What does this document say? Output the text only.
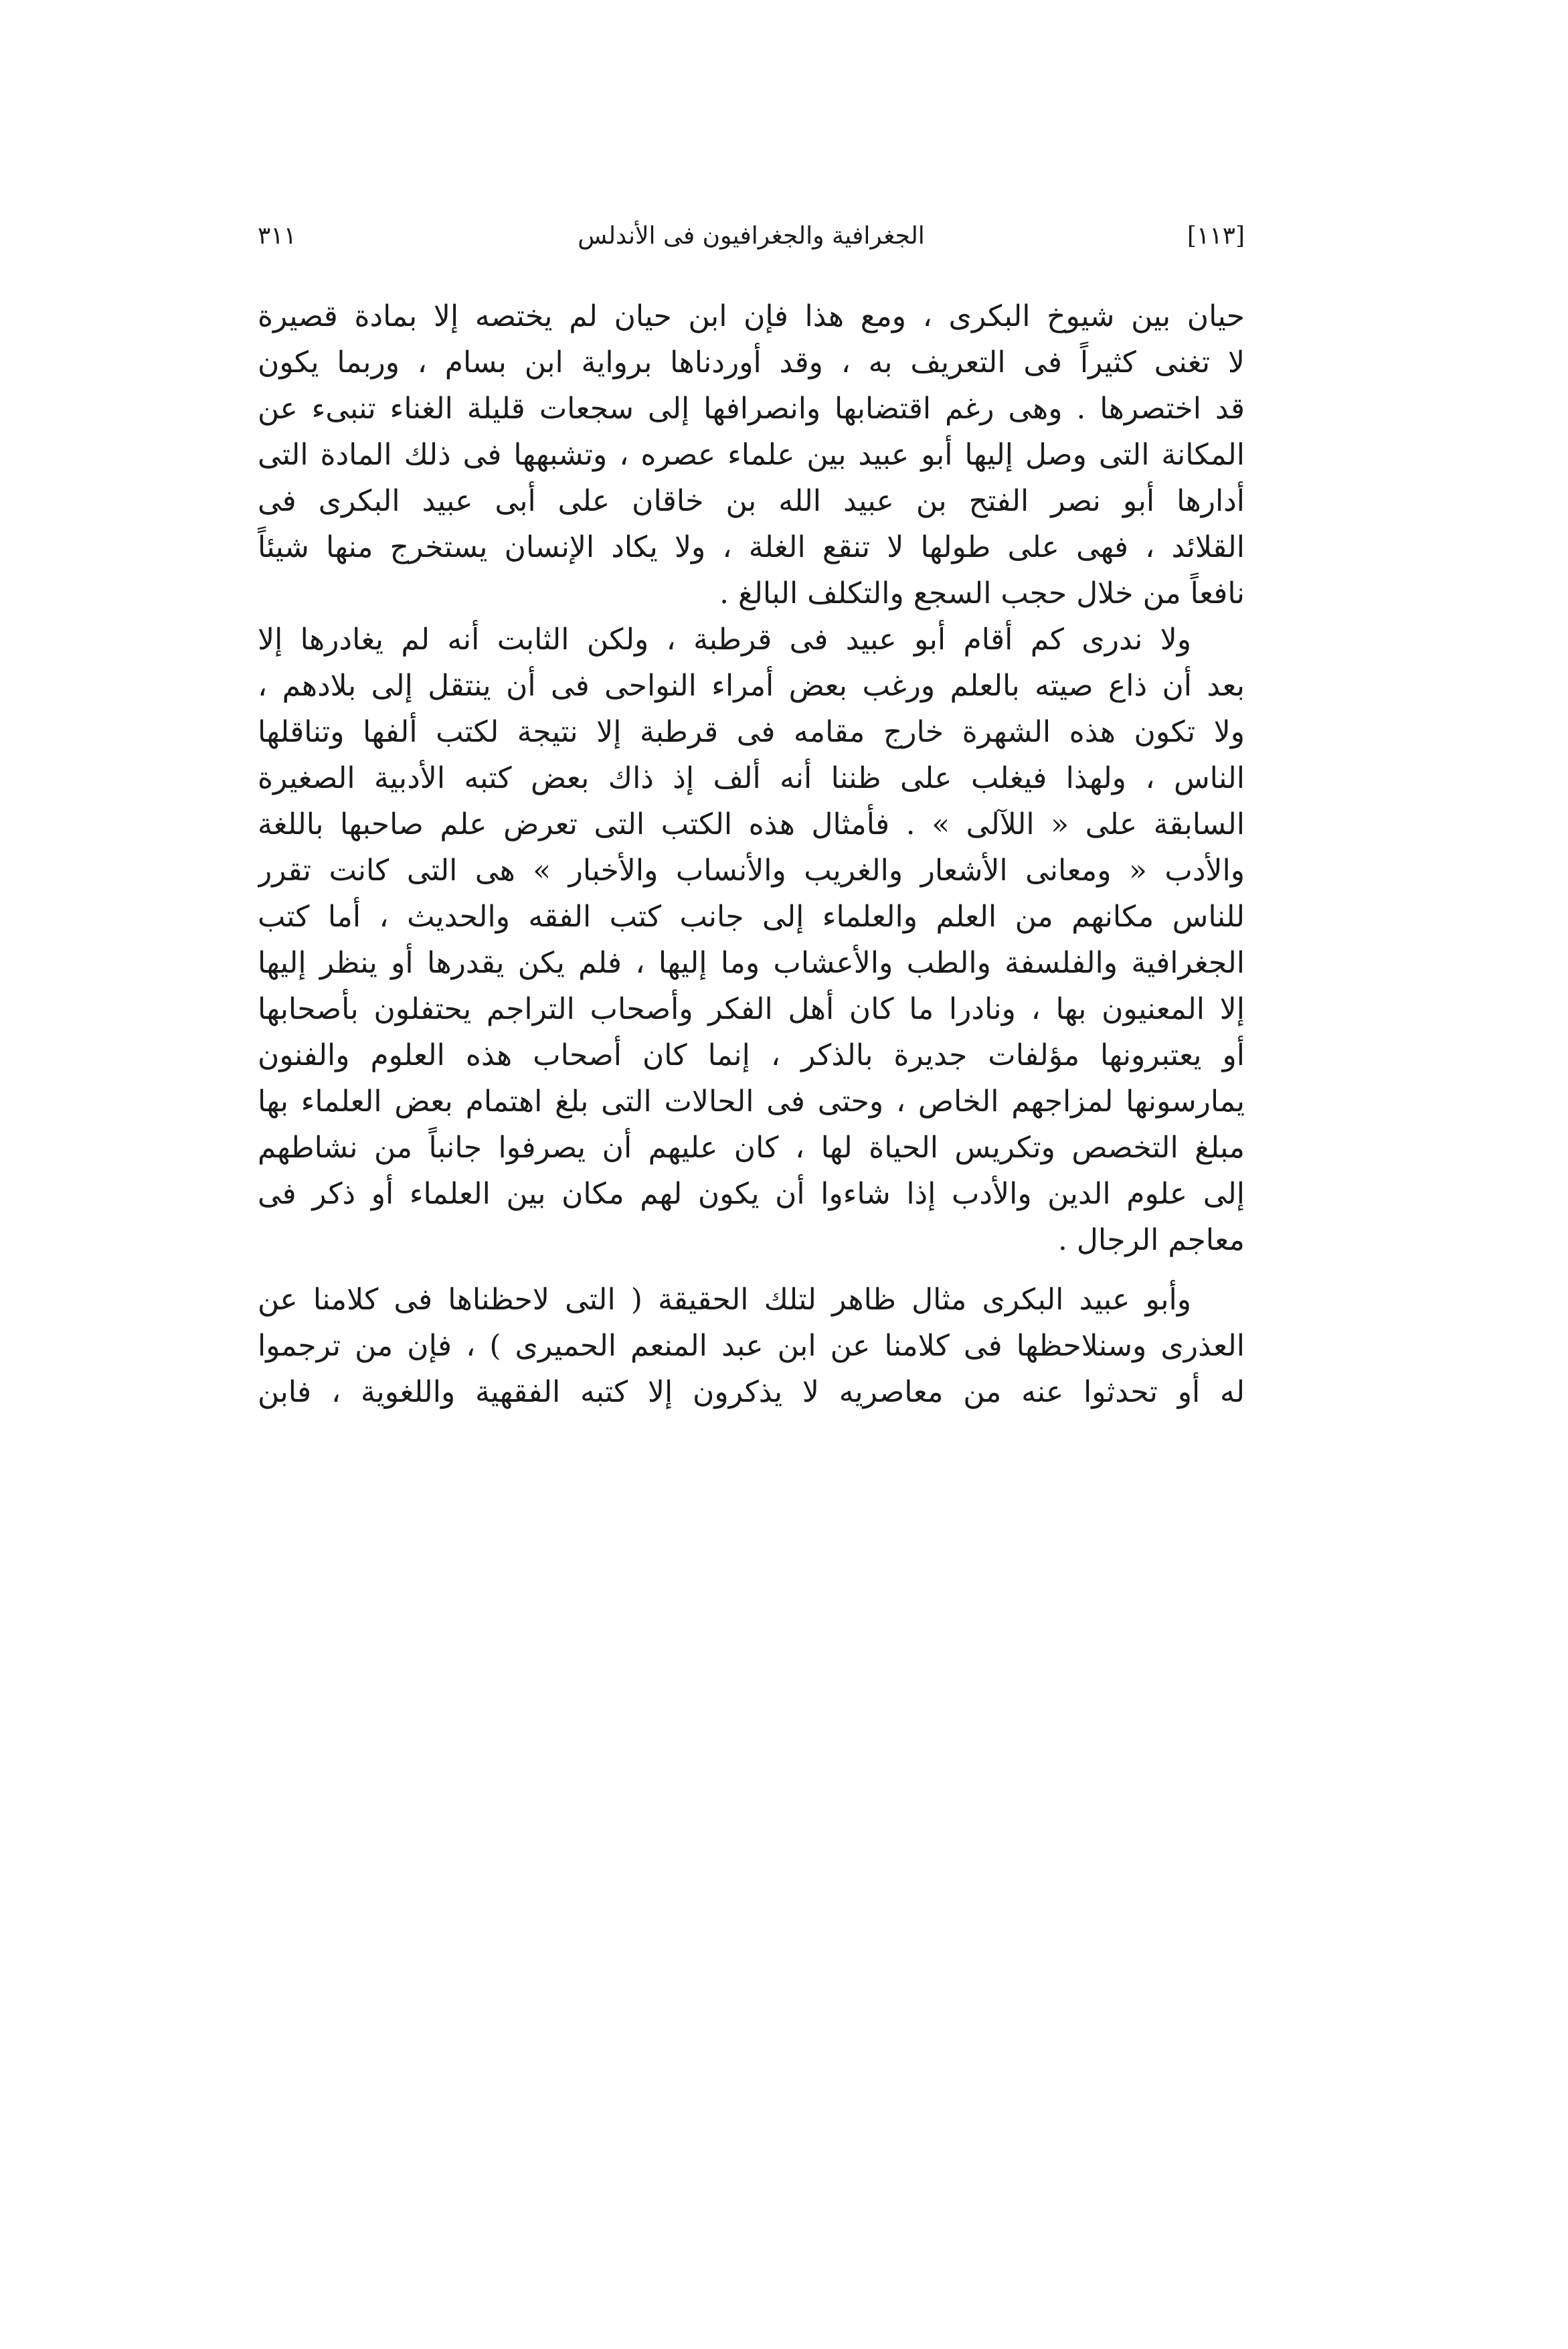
[١١٣]
الجغرافية والجغرافيون فى الأندلس
٣١١
حيان بين شيوخ البكرى ، ومع هذا فإن ابن حيان لم يختصه إلا بمادة قصيرة
لا تغنى كثيراً فى التعريف به ، وقد أوردناها برواية ابن بسام ، وربما يكون
قد اختصرها . وهى رغم اقتضابها وانصرافها إلى سجعات قليلة الغناء تنبىء عن
المكانة التى وصل إليها أبو عبيد بين علماء عصره ، وتشبهها فى ذلك المادة التى
أدارها أبو نصر الفتح بن عبيد الله بن خاقان على أبى عبيد البكرى فى
القلائد ، فهى على طولها لا تنقع الغلة ، ولا يكاد الإنسان يستخرج منها شيئاً
نافعاً من خلال حجب السجع والتكلف البالغ .
ولا ندرى كم أقام أبو عبيد فى قرطبة ، ولكن الثابت أنه لم يغادرها إلا
بعد أن ذاع صيته بالعلم ورغب بعض أمراء النواحى فى أن ينتقل إلى بلادهم ،
ولا تكون هذه الشهرة خارج مقامه فى قرطبة إلا نتيجة لكتب ألفها وتناقلها
الناس ، ولهذا فيغلب على ظننا أنه ألف إذ ذاك بعض كتبه الأدبية الصغيرة
السابقة على « اللآلى » . فأمثال هذه الكتب التى تعرض علم صاحبها باللغة
والأدب « ومعانى الأشعار والغريب والأنساب والأخبار » هى التى كانت تقرر
للناس مكانهم من العلم والعلماء إلى جانب كتب الفقه والحديث ، أما كتب
الجغرافية والفلسفة والطب والأعشاب وما إليها ، فلم يكن يقدرها أو ينظر إليها
إلا المعنيون بها ، ونادرا ما كان أهل الفكر وأصحاب التراجم يحتفلون بأصحابها
أو يعتبرونها مؤلفات جديرة بالذكر ، إنما كان أصحاب هذه العلوم والفنون
يمارسونها لمزاجهم الخاص ، وحتى فى الحالات التى بلغ اهتمام بعض العلماء بها
مبلغ التخصص وتكريس الحياة لها ، كان عليهم أن يصرفوا جانباً من نشاطهم
إلى علوم الدين والأدب إذا شاءوا أن يكون لهم مكان بين العلماء أو ذكر فى
معاجم الرجال .
وأبو عبيد البكرى مثال ظاهر لتلك الحقيقة ( التى لاحظناها فى كلامنا عن
العذرى وسنلاحظها فى كلامنا عن ابن عبد المنعم الحميرى ) ، فإن من ترجموا
له أو تحدثوا عنه من معاصريه لا يذكرون إلا كتبه الفقهية واللغوية ، فابن
